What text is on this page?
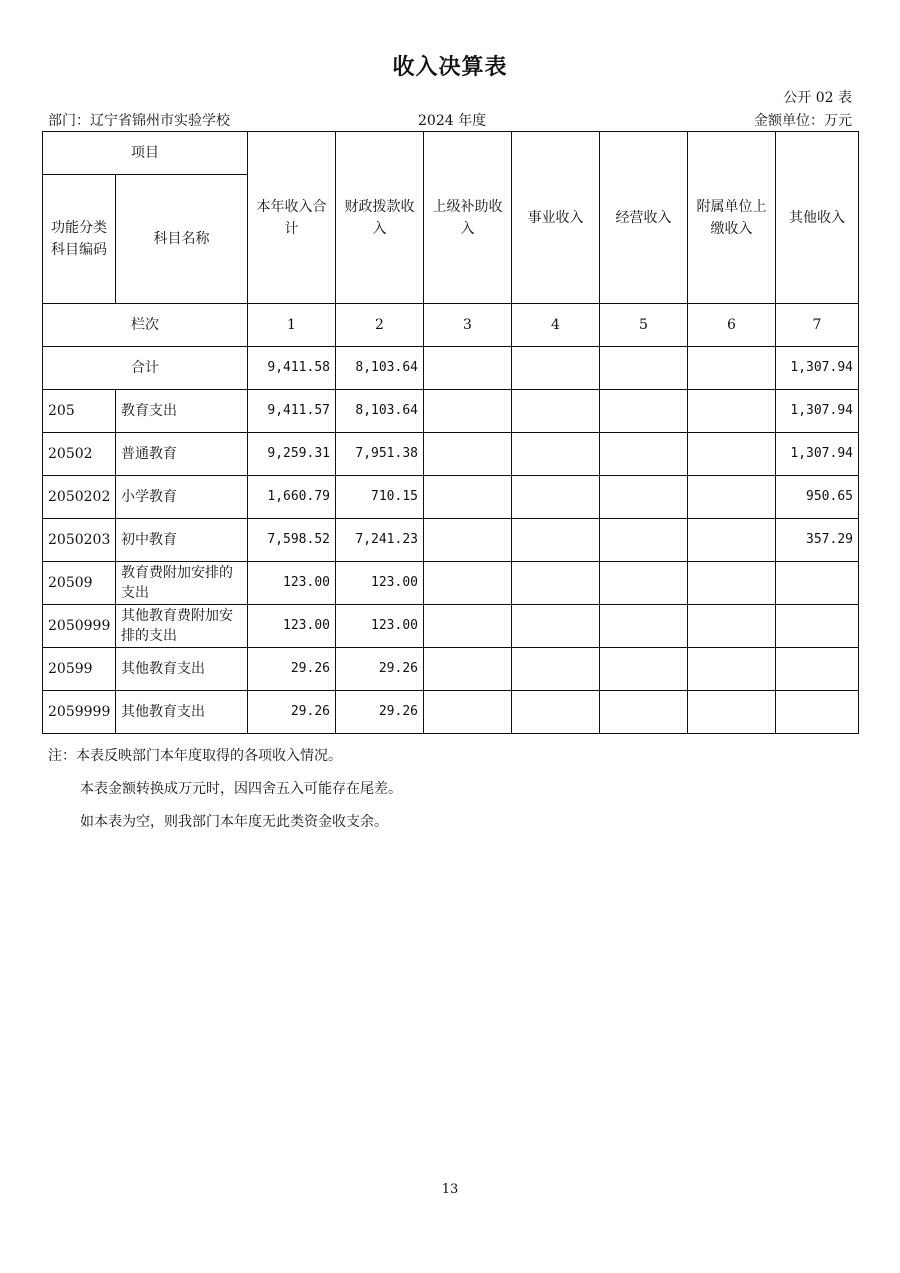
收入决算表
公开 02 表
部门：辽宁省锦州市实验学校	2024 年度	金额单位：万元
项目		本年收入合计	财政拨款收入	上级补助收入	事业收入	经营收入	附属单位上缴收入	其他收入
功能分类科目编码	科目名称							
栏次		1	2	3	4	5	6	7
合计		9,411.58	8,103.64					1,307.94
205	教育支出	9,411.57	8,103.64					1,307.94
20502	普通教育	9,259.31	7,951.38					1,307.94
2050202	小学教育	1,660.79	710.15					950.65
2050203	初中教育	7,598.52	7,241.23					357.29
20509	教育费附加安排的支出	123.00	123.00					
2050999	其他教育费附加安排的支出	123.00	123.00					
20599	其他教育支出	29.26	29.26					
2059999	其他教育支出	29.26	29.26					
注：本表反映部门本年度取得的各项收入情况。
本表金额转换成万元时，因四舍五入可能存在尾差。
如本表为空，则我部门本年度无此类资金收支余。
13
